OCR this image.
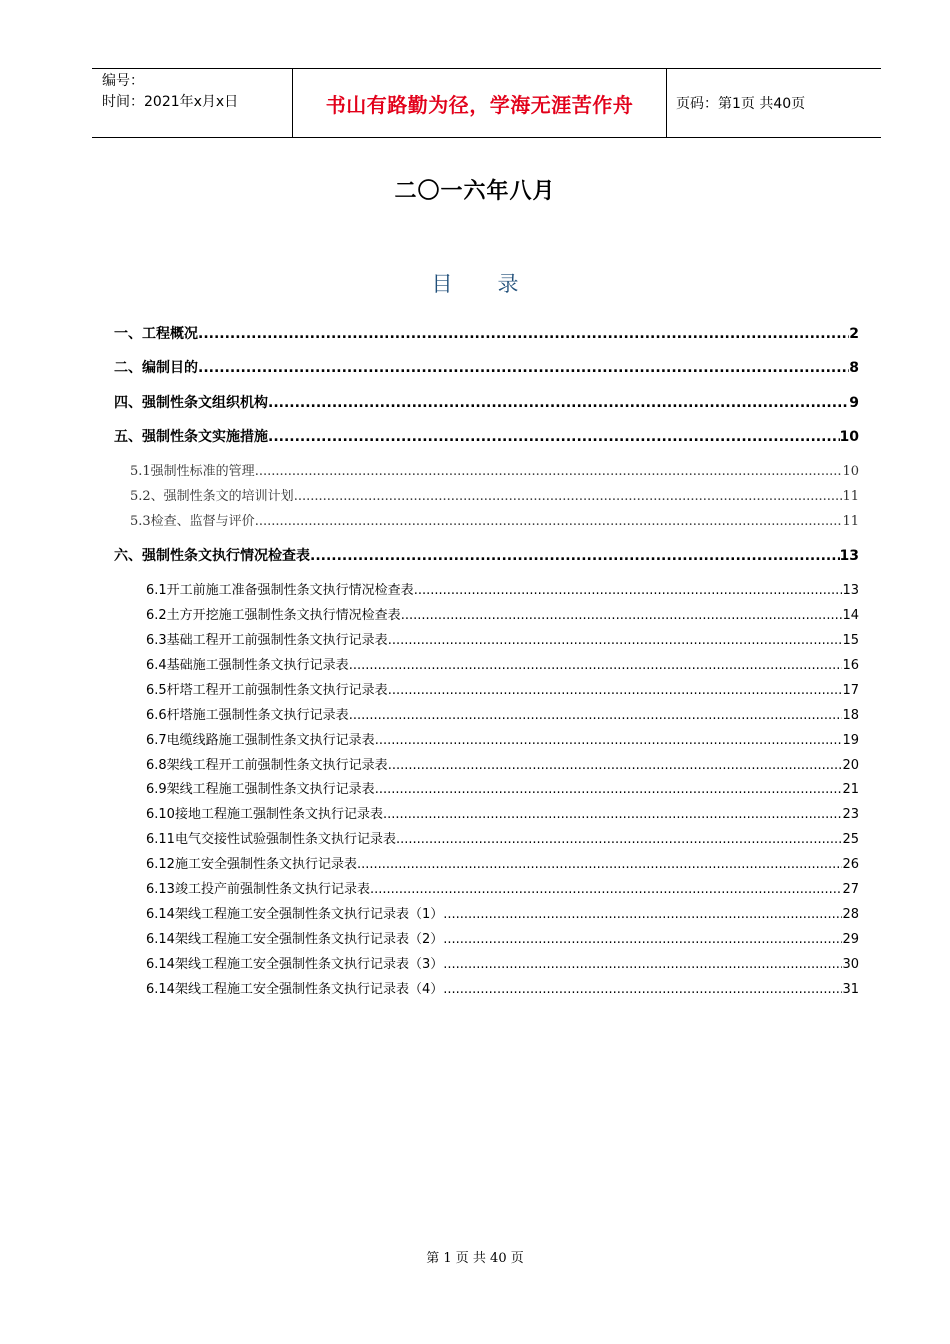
编号：
时间：2021年x月x日	书山有路勤为径，学海无涯苦作舟	页码：第1页 共40页
二〇一六年八月
目录
一、工程概况 .....	2
二、编制目的 .....	8
四、强制性条文组织机构 .....	9
五、强制性条文实施措施 .....	10
5.1强制性标准的管理 .....	10
5.2、强制性条文的培训计划 .....	11
5.3检查、监督与评价 .....	11
六、强制性条文执行情况检查表 .....	13
6.1开工前施工准备强制性条文执行情况检查表 .....	13
6.2土方开挖施工强制性条文执行情况检查表 .....	14
6.3基础工程开工前强制性条文执行记录表 .....	15
6.4基础施工强制性条文执行记录表 .....	16
6.5杆塔工程开工前强制性条文执行记录表 .....	17
6.6杆塔施工强制性条文执行记录表 .....	18
6.7电缆线路施工强制性条文执行记录表 .....	19
6.8架线工程开工前强制性条文执行记录表 .....	20
6.9架线工程施工强制性条文执行记录表 .....	21
6.10接地工程施工强制性条文执行记录表 .....	23
6.11电气交接性试验强制性条文执行记录表 .....	25
6.12施工安全强制性条文执行记录表 .....	26
6.13竣工投产前强制性条文执行记录表 .....	27
6.14架线工程施工安全强制性条文执行记录表（1） .....	28
6.14架线工程施工安全强制性条文执行记录表（2） .....	29
6.14架线工程施工安全强制性条文执行记录表（3） .....	30
6.14架线工程施工安全强制性条文执行记录表（4） .....	31
第 1 页 共 40 页
